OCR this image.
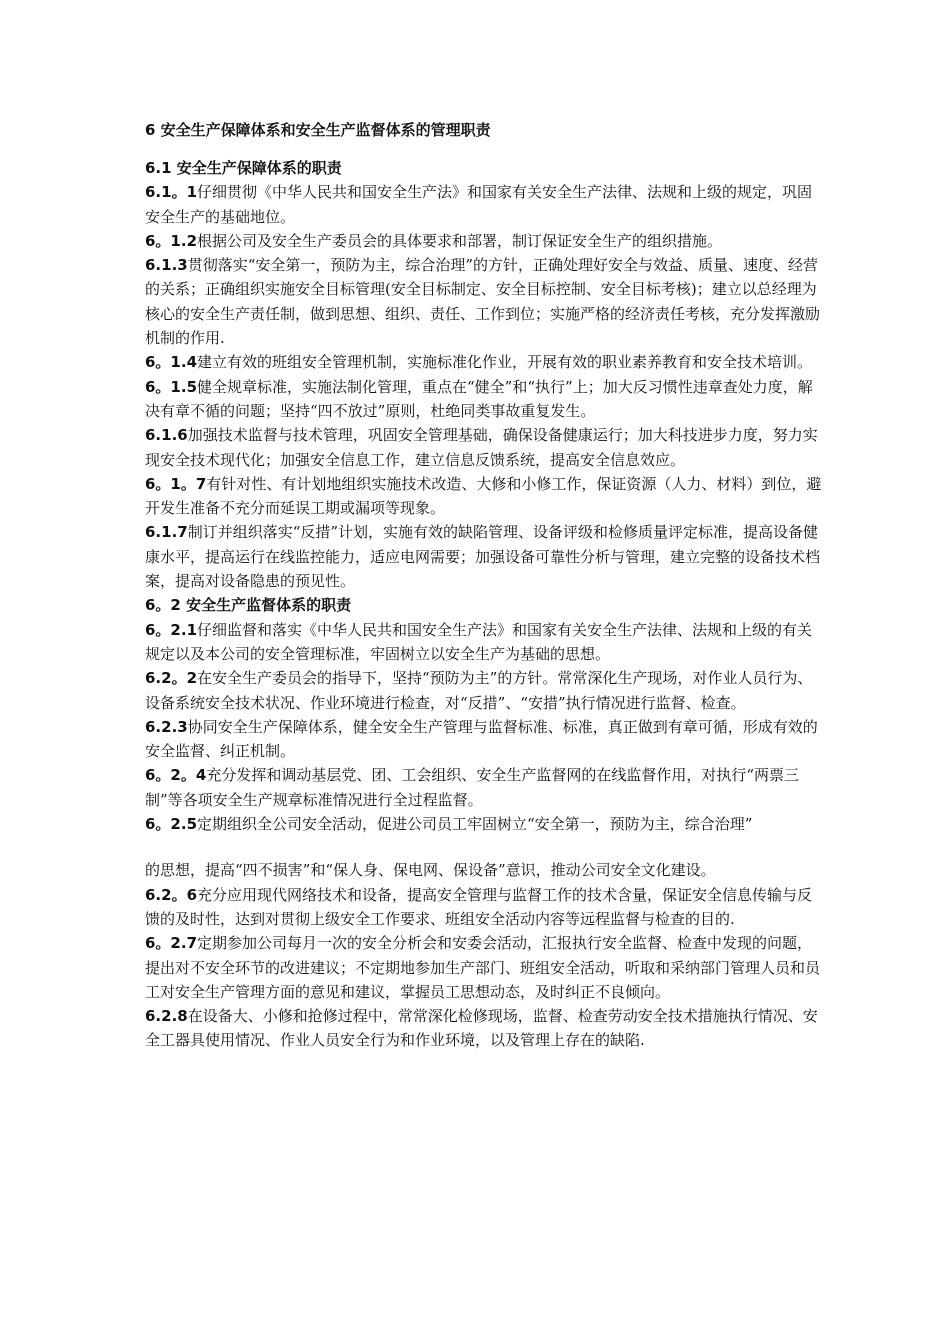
6 安全生产保障体系和安全生产监督体系的管理职责
6.1 安全生产保障体系的职责
6.1。1仔细贯彻《中华人民共和国安全生产法》和国家有关安全生产法律、法规和上级的规定，巩固安全生产的基础地位。
6。1.2根据公司及安全生产委员会的具体要求和部署，制订保证安全生产的组织措施。
6.1.3贯彻落实“安全第一，预防为主，综合治理”的方针，正确处理好安全与效益、质量、速度、经营的关系；正确组织实施安全目标管理(安全目标制定、安全目标控制、安全目标考核)；建立以总经理为核心的安全生产责任制，做到思想、组织、责任、工作到位；实施严格的经济责任考核，充分发挥激励机制的作用.
6。1.4建立有效的班组安全管理机制，实施标准化作业，开展有效的职业素养教育和安全技术培训。
6。1.5健全规章标准，实施法制化管理，重点在“健全”和“执行”上；加大反习惯性违章查处力度，解决有章不循的问题；坚持“四不放过”原则，杜绝同类事故重复发生。
6.1.6加强技术监督与技术管理，巩固安全管理基础，确保设备健康运行；加大科技进步力度，努力实现安全技术现代化；加强安全信息工作，建立信息反馈系统，提高安全信息效应。
6。1。7有针对性、有计划地组织实施技术改造、大修和小修工作，保证资源（人力、材料）到位，避开发生准备不充分而延误工期或漏项等现象。
6.1.7制订并组织落实“反措”计划，实施有效的缺陷管理、设备评级和检修质量评定标准，提高设备健康水平，提高运行在线监控能力，适应电网需要；加强设备可靠性分析与管理，建立完整的设备技术档案，提高对设备隐患的预见性。
6。2 安全生产监督体系的职责
6。2.1仔细监督和落实《中华人民共和国安全生产法》和国家有关安全生产法律、法规和上级的有关规定以及本公司的安全管理标准，牢固树立以安全生产为基础的思想。
6.2。2在安全生产委员会的指导下，坚持“预防为主”的方针。常常深化生产现场，对作业人员行为、设备系统安全技术状况、作业环境进行检查，对“反措”、“安措”执行情况进行监督、检查。
6.2.3协同安全生产保障体系，健全安全生产管理与监督标准、标准，真正做到有章可循，形成有效的安全监督、纠正机制。
6。2。4充分发挥和调动基层党、团、工会组织、安全生产监督网的在线监督作用，对执行“两票三制”等各项安全生产规章标准情况进行全过程监督。
6。2.5定期组织全公司安全活动，促进公司员工牢固树立“安全第一，预防为主，综合治理”
的思想，提高“四不损害”和“保人身、保电网、保设备”意识，推动公司安全文化建设。
6.2。6充分应用现代网络技术和设备，提高安全管理与监督工作的技术含量，保证安全信息传输与反馈的及时性，达到对贯彻上级安全工作要求、班组安全活动内容等远程监督与检查的目的.
6。2.7定期参加公司每月一次的安全分析会和安委会活动，汇报执行安全监督、检查中发现的问题，提出对不安全环节的改进建议；不定期地参加生产部门、班组安全活动，听取和采纳部门管理人员和员工对安全生产管理方面的意见和建议，掌握员工思想动态，及时纠正不良倾向。
6.2.8在设备大、小修和抢修过程中，常常深化检修现场，监督、检查劳动安全技术措施执行情况、安全工器具使用情况、作业人员安全行为和作业环境，以及管理上存在的缺陷.
